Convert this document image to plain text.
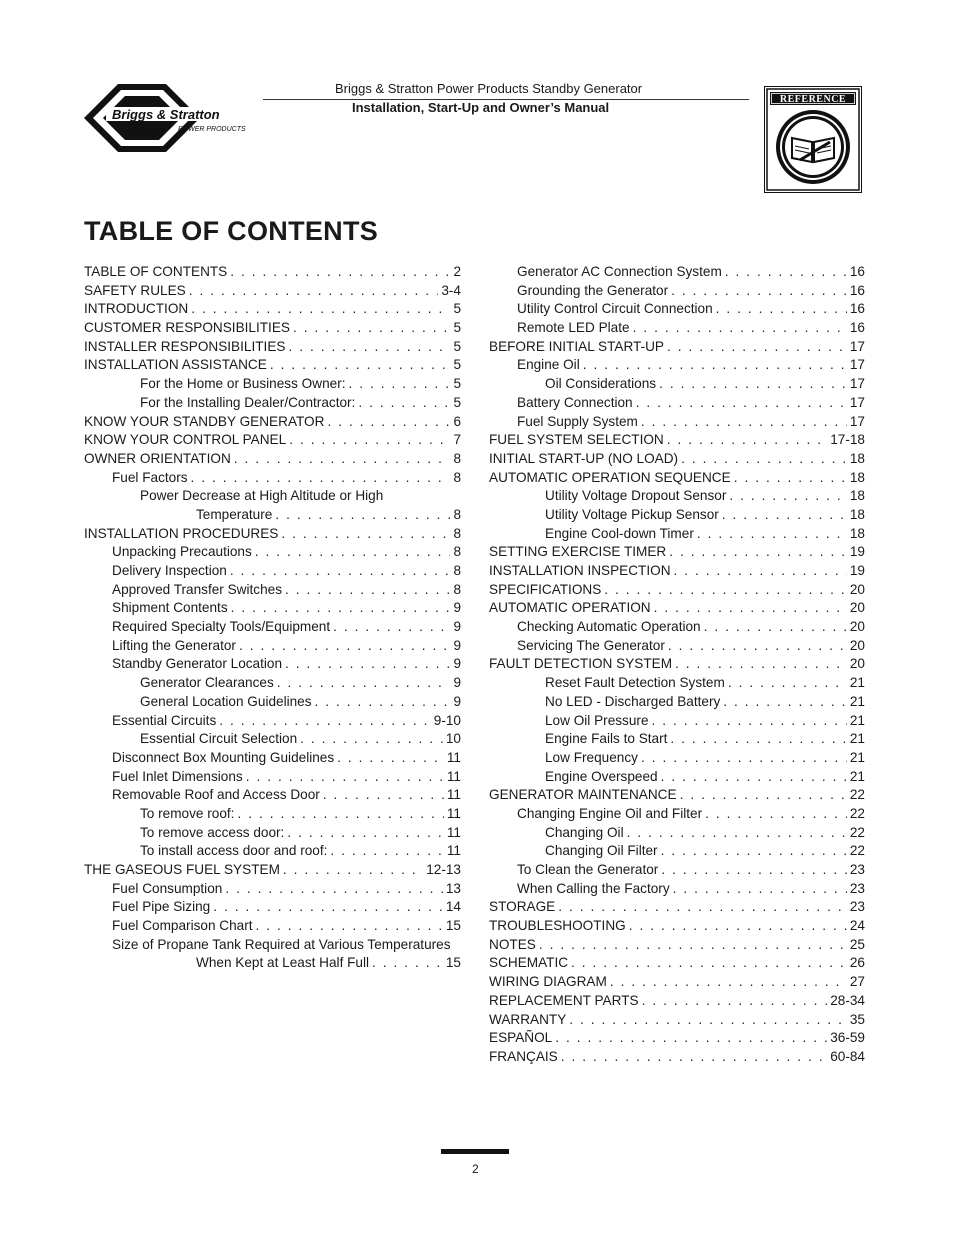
Briggs & Stratton
POWER PRODUCTS
Briggs & Stratton Power Products Standby Generator
Installation, Start-Up and Owner’s Manual
REFERENCE
TABLE OF CONTENTS
TABLE OF CONTENTS . . .	2
SAFETY RULES . . .	3-4
INTRODUCTION . . .	5
CUSTOMER RESPONSIBILITIES . . .	5
INSTALLER RESPONSIBILITIES . . .	5
INSTALLATION ASSISTANCE . . .	5
For the Home or Business Owner: . . .	5
For the Installing Dealer/Contractor: . . .	5
KNOW YOUR STANDBY GENERATOR . . .	6
KNOW YOUR CONTROL PANEL . . .	7
OWNER ORIENTATION . . .	8
Fuel Factors . . .	8
Power Decrease at High Altitude or High
Temperature . . .	8
INSTALLATION PROCEDURES . . .	8
Unpacking Precautions . . .	8
Delivery Inspection . . .	8
Approved Transfer Switches . . .	8
Shipment Contents . . .	9
Required Specialty Tools/Equipment . . .	9
Lifting the Generator . . .	9
Standby Generator Location . . .	9
Generator Clearances . . .	9
General Location Guidelines . . .	9
Essential Circuits . . .	9-10
Essential Circuit Selection . . .	10
Disconnect Box Mounting Guidelines . . .	11
Fuel Inlet Dimensions . . .	11
Removable Roof and Access Door . . .	11
To remove roof: . . .	11
To remove access door: . . .	11
To install access door and roof: . . .	11
THE GASEOUS FUEL SYSTEM . . .	12-13
Fuel Consumption . . .	13
Fuel Pipe Sizing . . .	14
Fuel Comparison Chart . . .	15
Size of Propane Tank Required at Various Temperatures
When Kept at Least Half Full . . .	15
Generator AC Connection System . . .	16
Grounding the Generator . . .	16
Utility Control Circuit Connection . . .	16
Remote LED Plate . . .	16
BEFORE INITIAL START-UP . . .	17
Engine Oil . . .	17
Oil Considerations . . .	17
Battery Connection . . .	17
Fuel Supply System . . .	17
FUEL SYSTEM SELECTION . . .	17-18
INITIAL START-UP (NO LOAD) . . .	18
AUTOMATIC OPERATION SEQUENCE . . .	18
Utility Voltage Dropout Sensor . . .	18
Utility Voltage Pickup Sensor . . .	18
Engine Cool-down Timer . . .	18
SETTING EXERCISE TIMER . . .	19
INSTALLATION INSPECTION . . .	19
SPECIFICATIONS . . .	20
AUTOMATIC OPERATION . . .	20
Checking Automatic Operation . . .	20
Servicing The Generator . . .	20
FAULT DETECTION SYSTEM . . .	20
Reset Fault Detection System . . .	21
No LED - Discharged Battery . . .	21
Low Oil Pressure . . .	21
Engine Fails to Start . . .	21
Low Frequency . . .	21
Engine Overspeed . . .	21
GENERATOR MAINTENANCE . . .	22
Changing Engine Oil and Filter . . .	22
Changing Oil . . .	22
Changing Oil Filter . . .	22
To Clean the Generator . . .	23
When Calling the Factory . . .	23
STORAGE . . .	23
TROUBLESHOOTING . . .	24
NOTES . . .	25
SCHEMATIC . . .	26
WIRING DIAGRAM . . .	27
REPLACEMENT PARTS . . .	28-34
WARRANTY . . .	35
ESPAÑOL . . .	36-59
FRANÇAIS . . .	60-84
2
